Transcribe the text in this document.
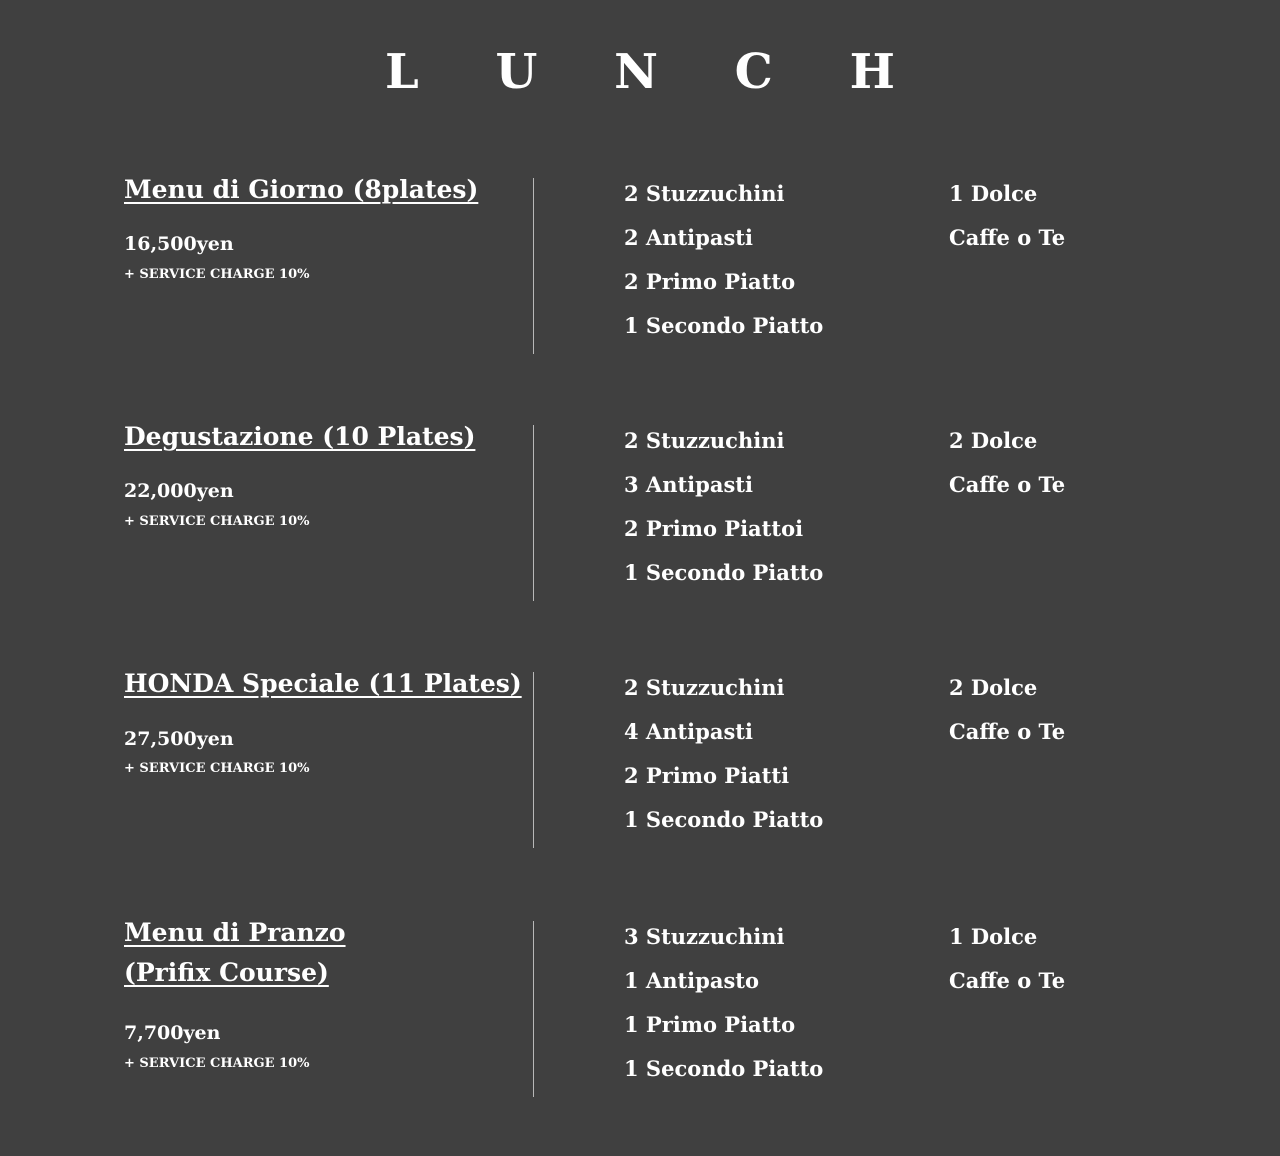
L U N C H
Menu di Giorno (8plates)
16,500yen
+ SERVICE CHARGE 10%
2 Stuzzuchini
2 Antipasti
2 Primo Piatto
1 Secondo Piatto
1 Dolce
Caffe o Te
Degustazione (10 Plates)
22,000yen
+ SERVICE CHARGE 10%
2 Stuzzuchini
3 Antipasti
2 Primo Piattoi
1 Secondo Piatto
2 Dolce
Caffe o Te
HONDA Speciale (11 Plates)
27,500yen
+ SERVICE CHARGE 10%
2 Stuzzuchini
4 Antipasti
2 Primo Piatti
1 Secondo Piatto
2 Dolce
Caffe o Te
Menu di Pranzo
(Prifix Course)
7,700yen
+ SERVICE CHARGE 10%
3 Stuzzuchini
1 Antipasto
1 Primo Piatto
1 Secondo Piatto
1 Dolce
Caffe o Te
